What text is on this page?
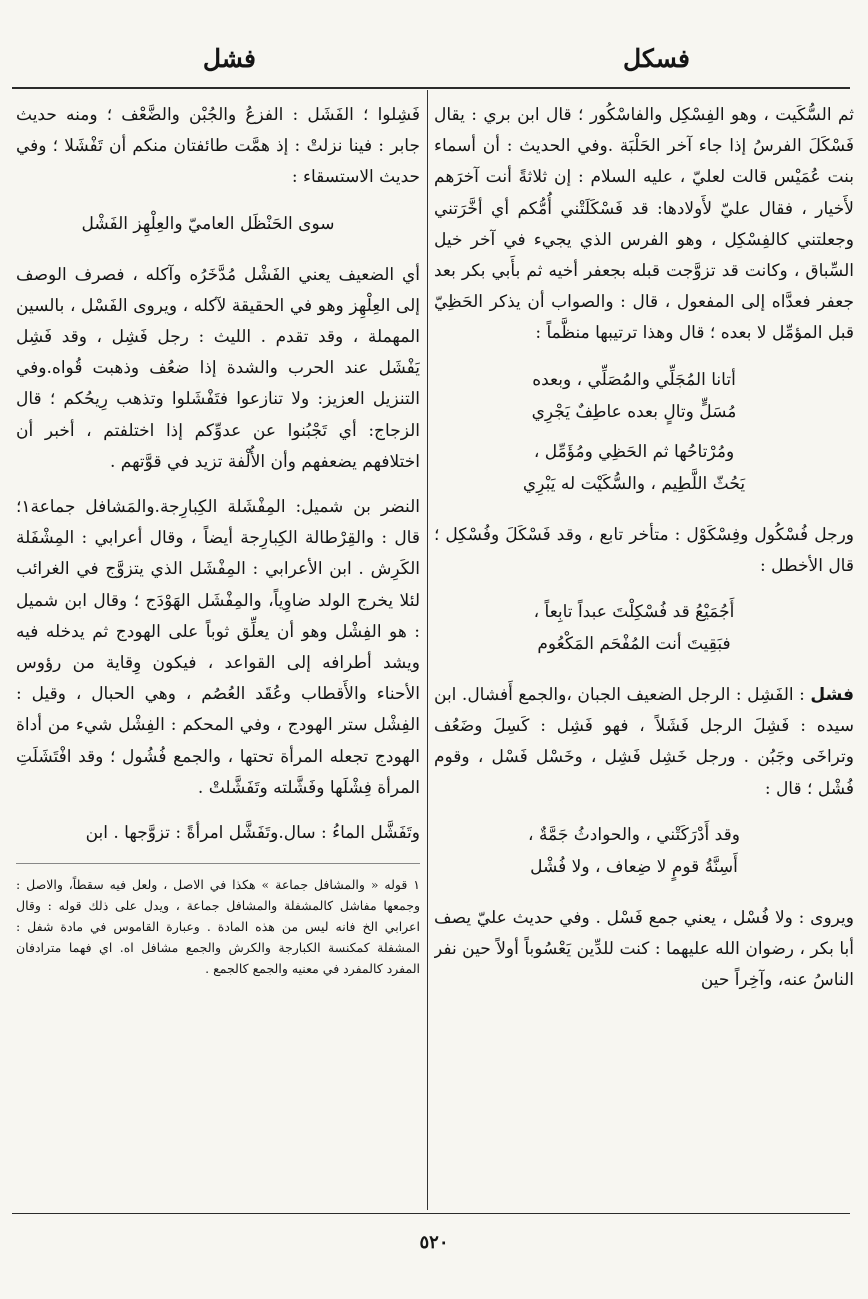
فسكل
فشل

ثم السُّكَيت ، وهو الفِسْكِل والفاسْكُور ؛ قال ابن بري : يقال فَسْكَلَ الفرسُ إذا جاء آخر الحَلْبَة .وفي الحديث : أن أسماء بنت عُمَيْس قالت لعليّ ، عليه السلام : إن ثلاثةً أنت آخرَهم لأَخيار ، فقال عليّ لأَولادها: قد فَسْكَلَتْني أُمُّكم أي أخَّرَتني وجعلتني كالفِسْكِل ، وهو الفرس الذي يجيء في آخر خيل السِّباق ، وكانت قد تزوَّجت قبله بجعفر أخيه ثم بأَبي بكر بعد جعفر فعدَّاه إلى المفعول ، قال : والصواب أن يذكر الحَظِيّ قبل المؤمِّل لا بعده ؛ قال وهذا ترتيبها منظَّماً :

أتانا المُجَلِّي والمُصَلِّي ، وبعده
مُسَلٍّ وتالٍ بعده عاطِفٌ يَجْرِي
ومُرْتاحُها ثم الحَظِي ومُؤَمِّل ،
يَحُثّ اللَّطِيم ، والسُّكَيْت له يَبْرِي

ورجل فُسْكُول وفِسْكَوْل : متأخر تابع ، وقد فَسْكَلَ وفُسْكِل ؛ قال الأخطل :

أَجُمَيْعُ قد فُسْكِلْتَ عبداً تابِعاً ،
فبَقِيتَ أنت المُفْحَم المَكْعُوم

فشل : الفَشِل : الرجل الضعيف الجبان ،والجمع أَفشال. ابن سيده : فَشِلَ الرجل فَشَلاً ، فهو فَشِل : كَسِلَ وضَعُف وتراخَى وجَبُن . ورجل خَشِل فَشِل ، وخَسْل فَسْل ، وقوم فُشْل ؛ قال :

وقد أَدْرَكَتْني ، والحوادثُ جَمَّةٌ ،
أَسِنَّةُ قومٍ لا ضِعاف ، ولا فُشْل

ويروى : ولا فُسْل ، يعني جمع فَسْل . وفي حديث عليّ يصف أبا بكر ، رضوان الله عليهما : كنت للدِّين يَعْسُوباً أولاً حين نفر الناسُ عنه، وآخِراً حين

فَشِلوا ؛ الفَشَل : الفزعُ والجُبْن والضَّعْف ؛ ومنه حديث جابر : فينا نزلتْ : إذ همَّت طائفتان منكم أن تَفْشَلا ؛ وفي حديث الاستسقاء :

سوى الحَنْظَل العاميّ والعِلْهِز الفَشْل

أي الضعيف يعني الفَشْل مُدَّخَرُه وآكله ، فصرف الوصف إلى العِلْهِز وهو في الحقيقة لآكله ، ويروى الفَسْل ، بالسين المهملة ، وقد تقدم . الليث : رجل فَشِل ، وقد فَشِل يَفْشَل عند الحرب والشدة إذا ضعُف وذهبت قُواه.وفي التنزيل العزيز: ولا تنازعوا فتَفْشَلوا وتذهب رِيحُكم ؛ قال الزجاج: أي تَجْبُنوا عن عدوِّكم إذا اختلفتم ، أخبر أن اختلافهم يضعفهم وأن الأُلْفة تزيد في قوَّتهم .

النضر بن شميل: المِفْشَلة الكِبارِجة.والمَشافل جماعة١؛ قال : والقِرْطالة الكِبارِجة أيضاً ، وقال أعرابي : المِشْفَلة الكَرِش . ابن الأعرابي : المِفْشَل الذي يتزوَّج في الغرائب لئلا يخرج الولد ضاوِياً، والمِفْشَل الهَوْدَج ؛ وقال ابن شميل : هو الفِشْل وهو أن يعلِّق ثوباً على الهودج ثم يدخله فيه ويشد أطرافه إلى القواعد ، فيكون وِقاية من رؤوس الأحناء والأَقطاب وعُقَد العُصُم ، وهي الحبال ، وقيل : الفِشْل ستر الهودج ، وفي المحكم : الفِشْل شيء من أداة الهودج تجعله المرأة تحتها ، والجمع فُشُول ؛ وقد افْتَشَلَتِ المرأة فِشْلَها وفَشَّلته وتَفَشَّلتْ .

وتَفَشَّل الماءُ : سال.وتَفَشَّل امرأةً : تزوَّجها . ابن

١ قوله « والمشافل جماعة » هكذا في الاصل ، ولعل فيه سقطاً، والاصل : وجمعها مفاشل كالمشفلة والمشافل جماعة ، ويدل على ذلك قوله : وقال اعرابي الخ فانه ليس من هذه المادة . وعبارة القاموس في مادة شفل : المشفلة كمكنسة الكبارجة والكرش والجمع مشافل اه. اي فهما مترادفان المفرد كالمفرد في معنيه والجمع كالجمع .

٥٢٠
